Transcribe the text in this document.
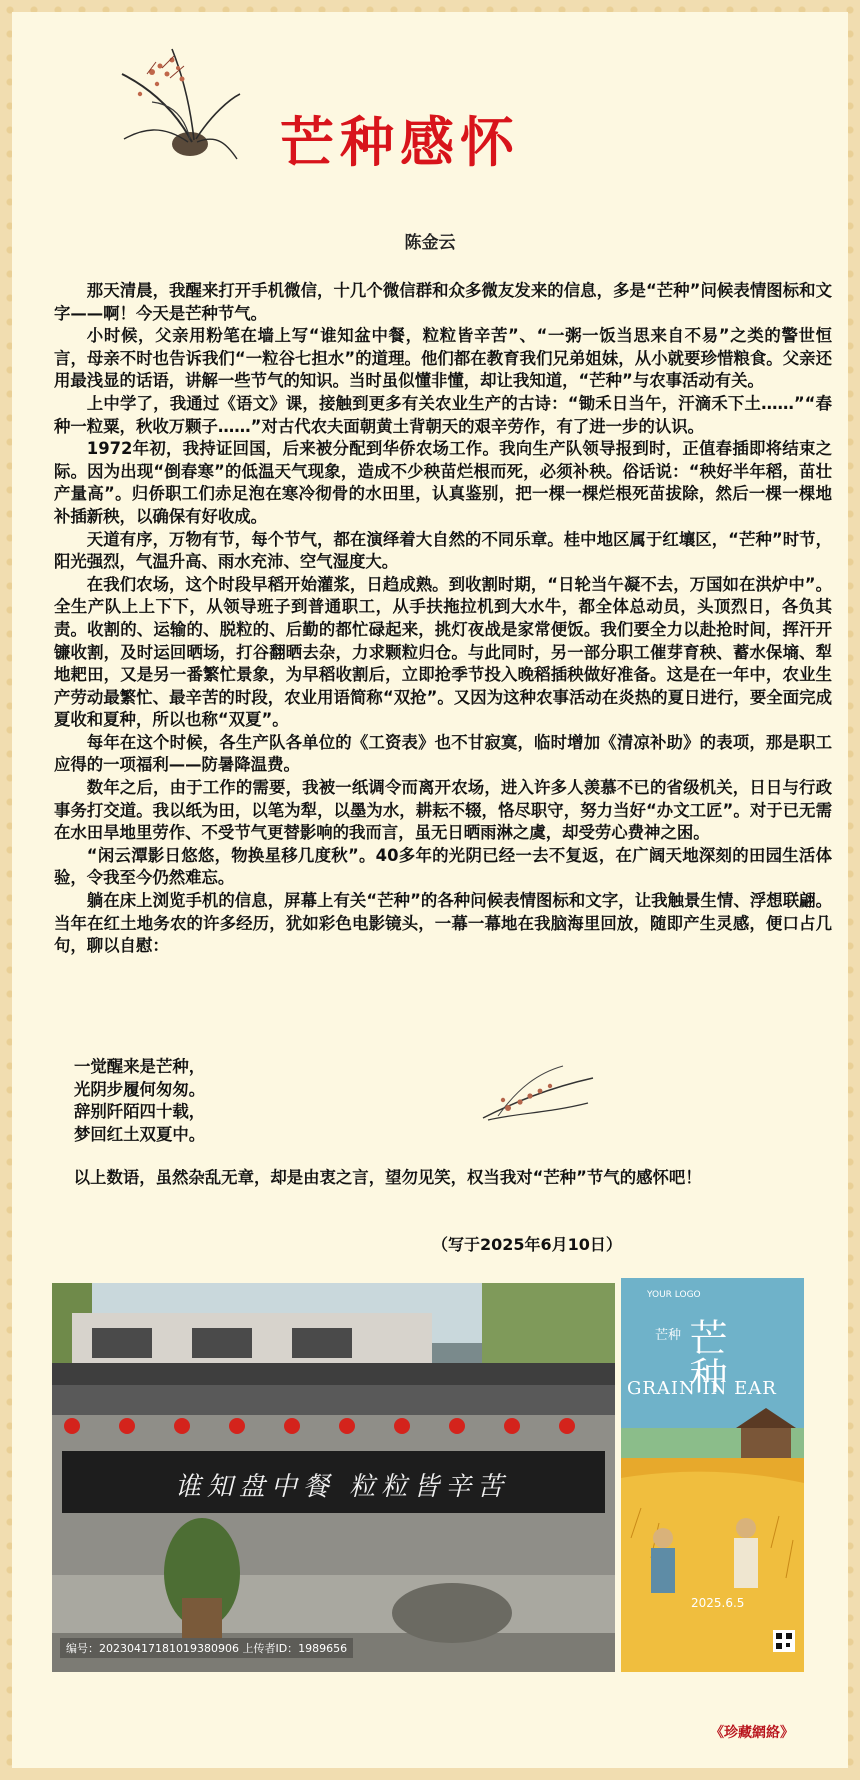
芒种感怀
陈金云

那天清晨，我醒来打开手机微信，十几个微信群和众多微友发来的信息，多是“芒种”问候表情图标和文字——啊！今天是芒种节气。

小时候，父亲用粉笔在墙上写“谁知盆中餐，粒粒皆辛苦”、“一粥一饭当思来自不易”之类的警世恒言，母亲不时也告诉我们“一粒谷七担水”的道理。他们都在教育我们兄弟姐妹，从小就要珍惜粮食。父亲还用最浅显的话语，讲解一些节气的知识。当时虽似懂非懂，却让我知道，“芒种”与农事活动有关。

上中学了，我通过《语文》课，接触到更多有关农业生产的古诗：“锄禾日当午，汗滴禾下土……”“春种一粒粟，秋收万颗子……”对古代农夫面朝黄土背朝天的艰辛劳作，有了进一步的认识。

1972年初，我持证回国，后来被分配到华侨农场工作。我向生产队领导报到时，正值春插即将结束之际。因为出现“倒春寒”的低温天气现象，造成不少秧苗烂根而死，必须补秧。俗话说：“秧好半年稻，苗壮产量高”。归侨职工们赤足泡在寒冷彻骨的水田里，认真鉴别，把一棵一棵烂根死苗拔除，然后一棵一棵地补插新秧，以确保有好收成。

天道有序，万物有节，每个节气，都在演绎着大自然的不同乐章。桂中地区属于红壤区，“芒种”时节，阳光强烈，气温升高、雨水充沛、空气湿度大。

在我们农场，这个时段早稻开始灌浆，日趋成熟。到收割时期，“日轮当午凝不去，万国如在洪炉中”。全生产队上上下下，从领导班子到普通职工，从手扶拖拉机到大水牛，都全体总动员，头顶烈日，各负其责。收割的、运输的、脱粒的、后勤的都忙碌起来，挑灯夜战是家常便饭。我们要全力以赴抢时间，挥汗开镰收割，及时运回晒场，打谷翻晒去杂，力求颗粒归仓。与此同时，另一部分职工催芽育秧、蓄水保墒、犁地耙田，又是另一番繁忙景象，为早稻收割后，立即抢季节投入晚稻插秧做好准备。这是在一年中，农业生产劳动最繁忙、最辛苦的时段，农业用语简称“双抢”。又因为这种农事活动在炎热的夏日进行，要全面完成夏收和夏种，所以也称“双夏”。

每年在这个时候，各生产队各单位的《工资表》也不甘寂寞，临时增加《清凉补助》的表项，那是职工应得的一项福利——防暑降温费。

数年之后，由于工作的需要，我被一纸调令而离开农场，进入许多人羡慕不已的省级机关，日日与行政事务打交道。我以纸为田，以笔为犁，以墨为水，耕耘不辍，恪尽职守，努力当好“办文工匠”。对于已无需在水田旱地里劳作、不受节气更替影响的我而言，虽无日晒雨淋之虞，却受劳心费神之困。

“闲云潭影日悠悠，物换星移几度秋”。40多年的光阴已经一去不复返，在广阔天地深刻的田园生活体验，令我至今仍然难忘。

躺在床上浏览手机的信息，屏幕上有关“芒种”的各种问候表情图标和文字，让我触景生情、浮想联翩。当年在红土地务农的许多经历，犹如彩色电影镜头，一幕一幕地在我脑海里回放，随即产生灵感，便口占几句，聊以自慰：

一觉醒来是芒种，
光阴步履何匆匆。
辞别阡陌四十载，
梦回红土双夏中。

以上数语，虽然杂乱无章，却是由衷之言，望勿见笑，权当我对“芒种”节气的感怀吧！

（写于2025年6月10日）
谁知盘中餐 粒粒皆辛苦
编号：20230417181019380906 上传者ID：1989656
YOUR LOGO
芒种 芒种
GRAIN IN EAR
2025.6.5
《珍藏網絡》
